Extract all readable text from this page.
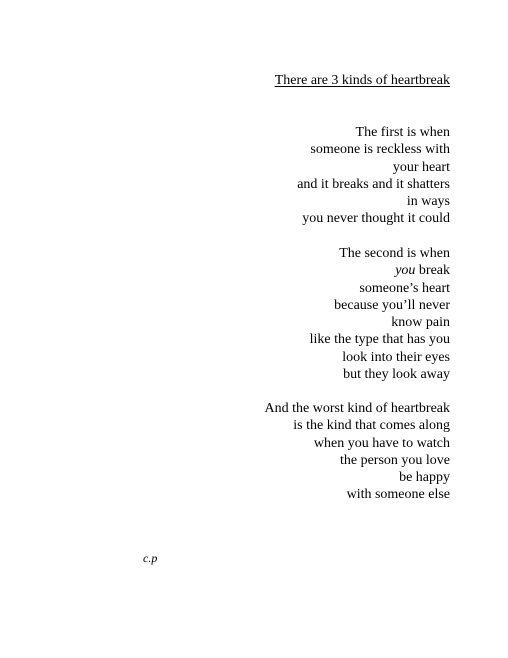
There are 3 kinds of heartbreak
The first is when
someone is reckless with
your heart
and it breaks and it shatters
in ways
you never thought it could
The second is when
you break
someone’s heart
because you’ll never
know pain
like the type that has you
look into their eyes
but they look away
And the worst kind of heartbreak
is the kind that comes along
when you have to watch
the person you love
be happy
with someone else
c.p
